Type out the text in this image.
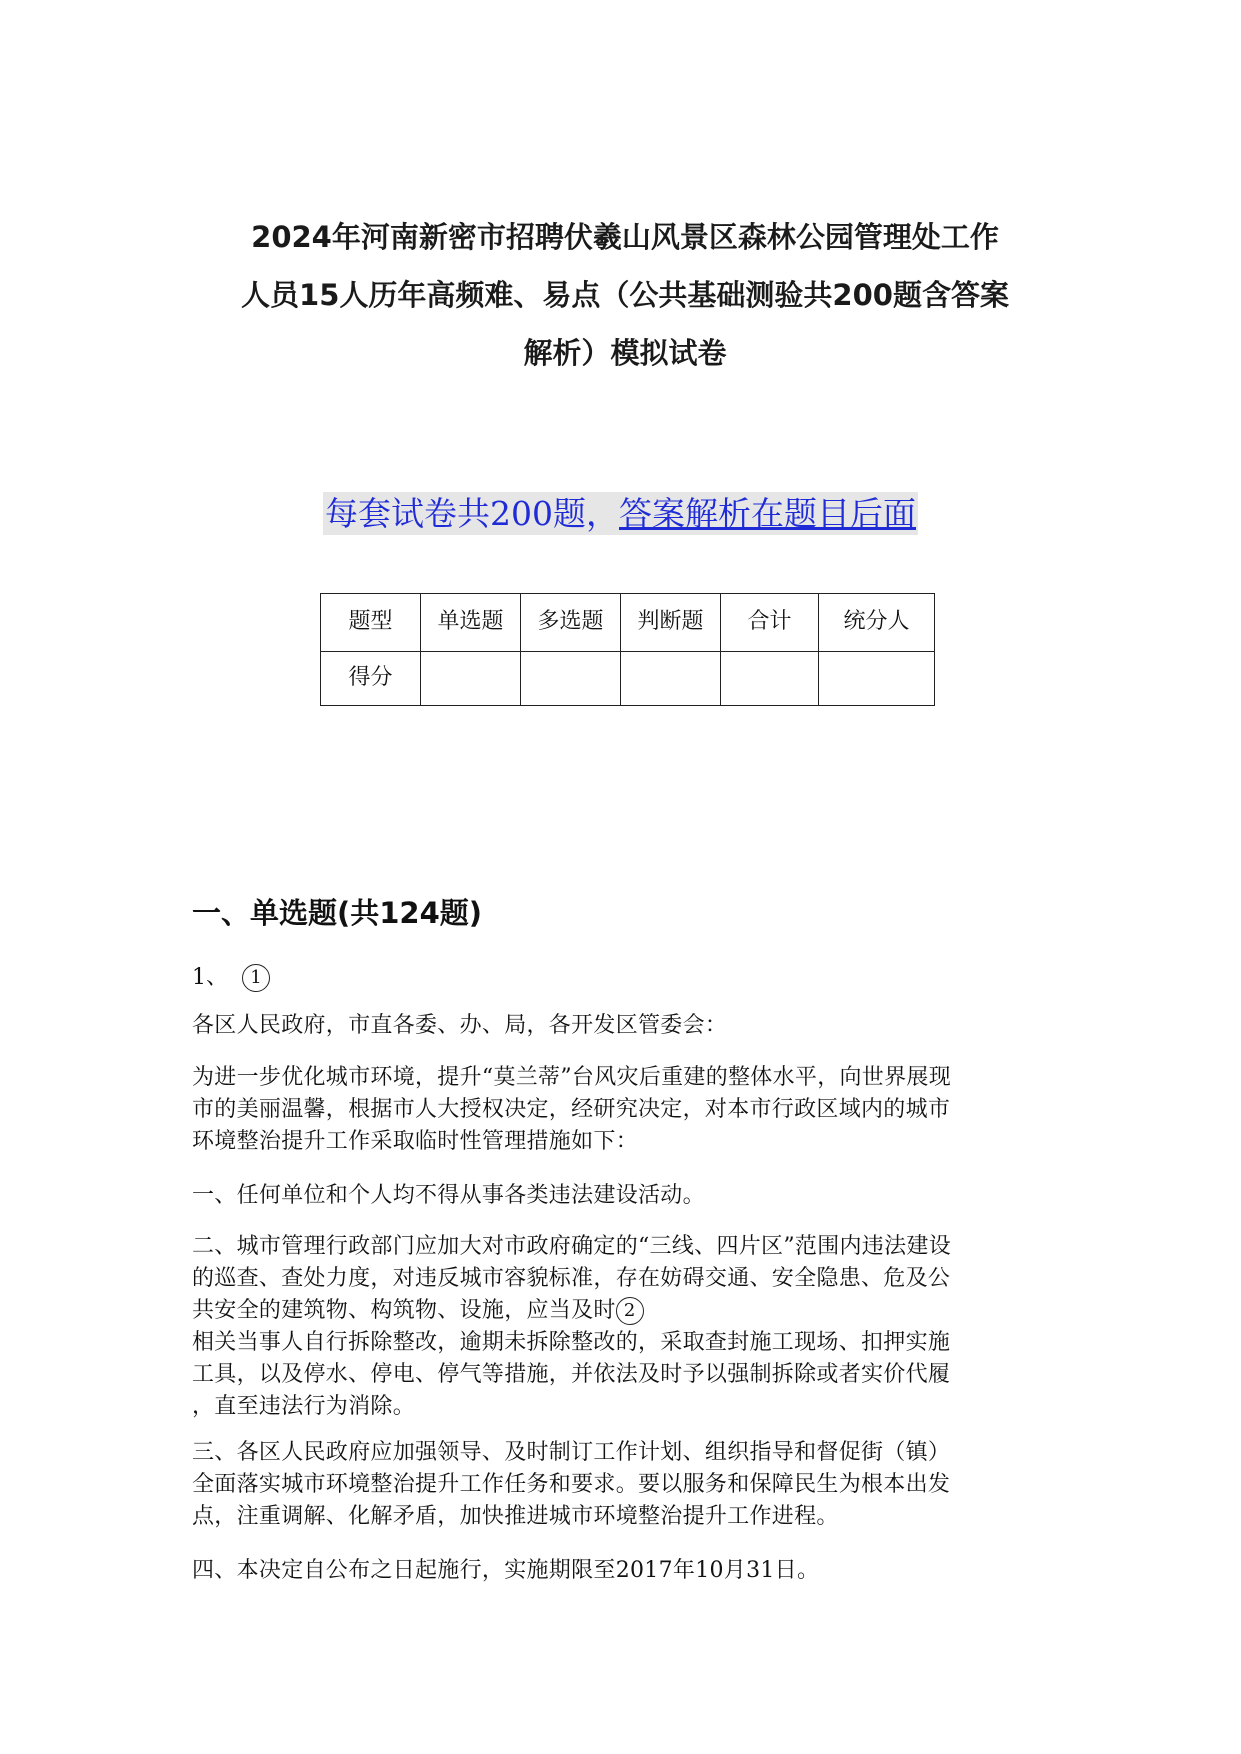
2024年河南新密市招聘伏羲山风景区森林公园管理处工作
人员15人历年高频难、易点（公共基础测验共200题含答案
解析）模拟试卷
每套试卷共200题，答案解析在题目后面
题型	单选题	多选题	判断题	合计	统分人
得分					
一、单选题(共124题)
1、 1
各区人民政府，市直各委、办、局，各开发区管委会：
为进一步优化城市环境，提升“莫兰蒂”台风灾后重建的整体水平，向世界展现
市的美丽温馨，根据市人大授权决定，经研究决定，对本市行政区域内的城市
环境整治提升工作采取临时性管理措施如下：
一、任何单位和个人均不得从事各类违法建设活动。
二、城市管理行政部门应加大对市政府确定的“三线、四片区”范围内违法建设
的巡查、查处力度，对违反城市容貌标准，存在妨碍交通、安全隐患、危及公
共安全的建筑物、构筑物、设施，应当及时 2
相关当事人自行拆除整改，逾期未拆除整改的，采取查封施工现场、扣押实施
工具，以及停水、停电、停气等措施，并依法及时予以强制拆除或者实价代履
，直至违法行为消除。
三、各区人民政府应加强领导、及时制订工作计划、组织指导和督促街（镇）
全面落实城市环境整治提升工作任务和要求。要以服务和保障民生为根本出发
点，注重调解、化解矛盾，加快推进城市环境整治提升工作进程。
四、本决定自公布之日起施行，实施期限至2017年10月31日。
